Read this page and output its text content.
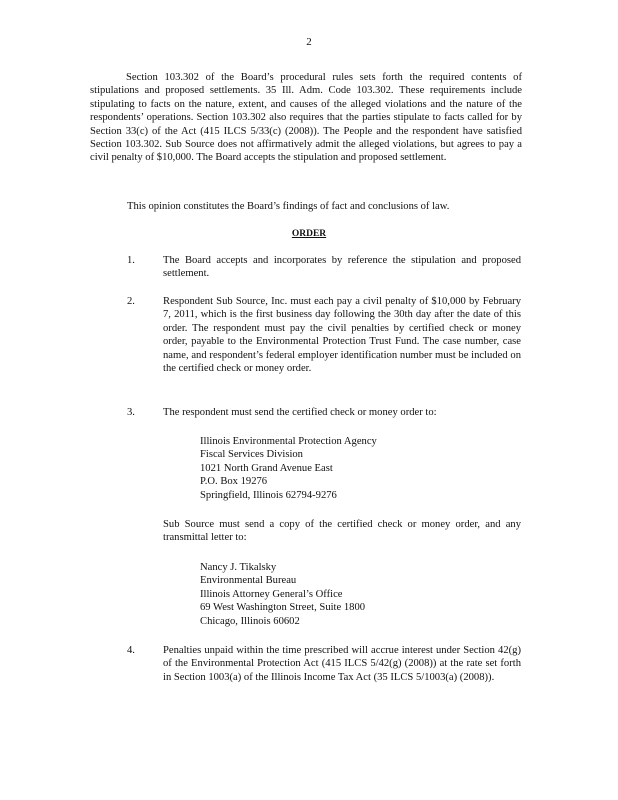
2
Section 103.302 of the Board’s procedural rules sets forth the required contents of stipulations and proposed settlements. 35 Ill. Adm. Code 103.302. These requirements include stipulating to facts on the nature, extent, and causes of the alleged violations and the nature of the respondents’ operations. Section 103.302 also requires that the parties stipulate to facts called for by Section 33(c) of the Act (415 ILCS 5/33(c) (2008)). The People and the respondent have satisfied Section 103.302. Sub Source does not affirmatively admit the alleged violations, but agrees to pay a civil penalty of $10,000. The Board accepts the stipulation and proposed settlement.
This opinion constitutes the Board’s findings of fact and conclusions of law.
ORDER
1.	The Board accepts and incorporates by reference the stipulation and proposed settlement.
2.	Respondent Sub Source, Inc. must each pay a civil penalty of $10,000 by February 7, 2011, which is the first business day following the 30th day after the date of this order. The respondent must pay the civil penalties by certified check or money order, payable to the Environmental Protection Trust Fund. The case number, case name, and respondent’s federal employer identification number must be included on the certified check or money order.
3.	The respondent must send the certified check or money order to:
Illinois Environmental Protection Agency
Fiscal Services Division
1021 North Grand Avenue East
P.O. Box 19276
Springfield, Illinois 62794-9276
Sub Source must send a copy of the certified check or money order, and any transmittal letter to:
Nancy J. Tikalsky
Environmental Bureau
Illinois Attorney General’s Office
69 West Washington Street, Suite 1800
Chicago, Illinois 60602
4.	Penalties unpaid within the time prescribed will accrue interest under Section 42(g) of the Environmental Protection Act (415 ILCS 5/42(g) (2008)) at the rate set forth in Section 1003(a) of the Illinois Income Tax Act (35 ILCS 5/1003(a) (2008)).
